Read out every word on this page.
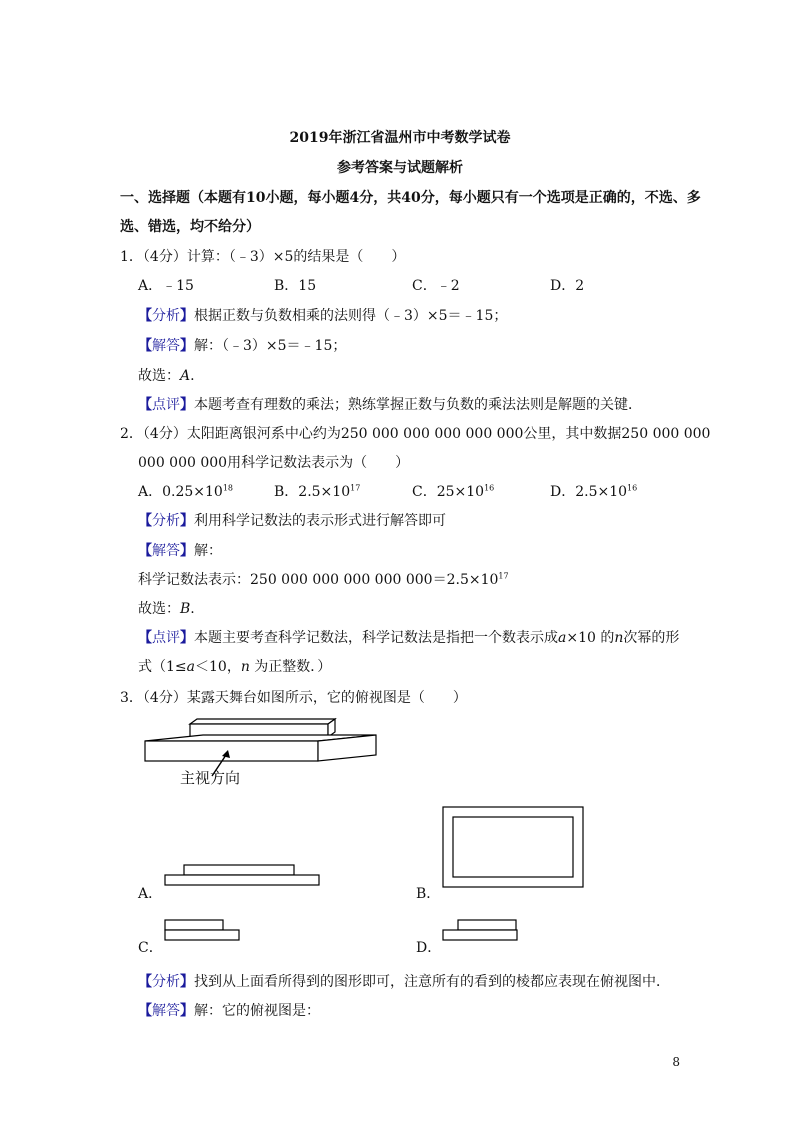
2019年浙江省温州市中考数学试卷
参考答案与试题解析
一、选择题（本题有10小题，每小题4分，共40分，每小题只有一个选项是正确的，不选、多
选、错选，均不给分）
1．（4分）计算：（﹣3）×5的结果是（　　）
A．﹣15	B．15	C．﹣2	D．2
【分析】根据正数与负数相乘的法则得（﹣3）×5＝﹣15；
【解答】解：（﹣3）×5＝﹣15；
故选：A.
【点评】本题考查有理数的乘法；熟练掌握正数与负数的乘法法则是解题的关键．
2．（4分）太阳距离银河系中心约为250 000 000 000 000 000公里，其中数据250 000 000
000 000 000用科学记数法表示为（　　）
A．$0.25\times 10^{18}$	B．$2.5\times 10^{17}$	C．$25\times 10^{16}$	D．$2.5\times 10^{16}$
【分析】利用科学记数法的表示形式进行解答即可
【解答】解：
科学记数法表示：250 000 000 000 000 $000=2.5\times 10^{17}$
故选：B.
【点评】本题主要考查科学记数法，科学记数法是指把一个数表示成a×10 的n次幂的形
式（1≤a＜10，n 为正整数．）
3．（4分）某露天舞台如图所示，它的俯视图是（　　）
主视方向
B．
A．
C．	D．
【分析】找到从上面看所得到的图形即可，注意所有的看到的棱都应表现在俯视图中．
【解答】解：它的俯视图是：
8
